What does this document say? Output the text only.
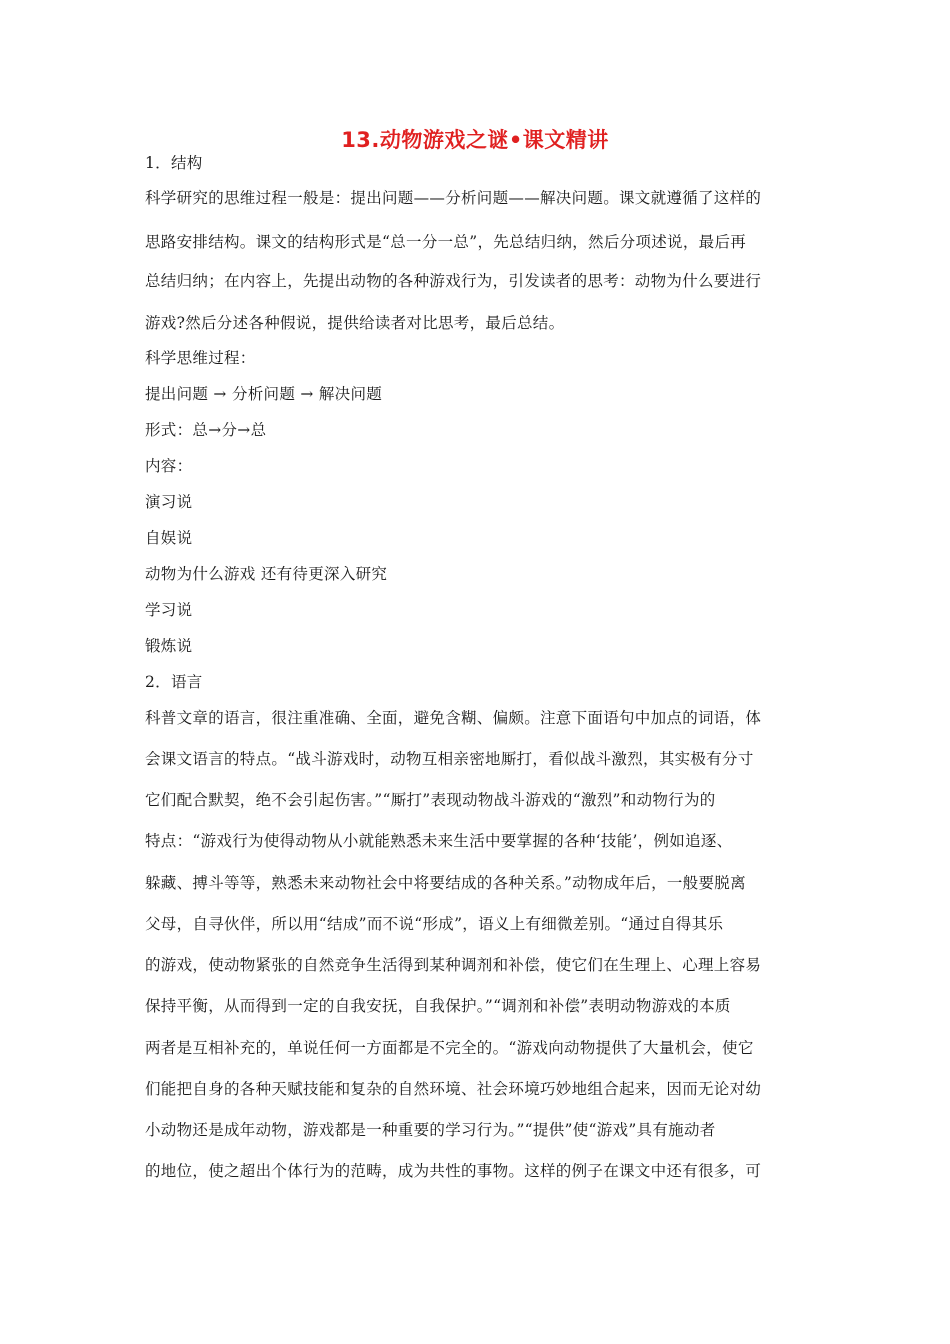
13.动物游戏之谜•课文精讲
1．结构
科学研究的思维过程一般是：提出问题——分析问题——解决问题。课文就遵循了这样的
思路安排结构。课文的结构形式是“总一分一总”，先总结归纳，然后分项述说，最后再
总结归纳；在内容上，先提出动物的各种游戏行为，引发读者的思考：动物为什么要进行
游戏?然后分述各种假说，提供给读者对比思考，最后总结。
科学思维过程：
提出问题 → 分析问题 → 解决问题
形式：总→分→总
内容：
演习说
自娱说
动物为什么游戏 还有待更深入研究
学习说
锻炼说
2．语言
科普文章的语言，很注重准确、全面，避免含糊、偏颇。注意下面语句中加点的词语，体
会课文语言的特点。“战斗游戏时，动物互相亲密地厮打，看似战斗激烈，其实极有分寸
它们配合默契，绝不会引起伤害。”“厮打”表现动物战斗游戏的“激烈”和动物行为的
特点：“游戏行为使得动物从小就能熟悉未来生活中要掌握的各种‘技能’，例如追逐、
躲藏、搏斗等等，熟悉未来动物社会中将要结成的各种关系。”动物成年后，一般要脱离
父母，自寻伙伴，所以用“结成”而不说“形成”，语义上有细微差别。“通过自得其乐
的游戏，使动物紧张的自然竞争生活得到某种调剂和补偿，使它们在生理上、心理上容易
保持平衡，从而得到一定的自我安抚，自我保护。”“调剂和补偿”表明动物游戏的本质
两者是互相补充的，单说任何一方面都是不完全的。“游戏向动物提供了大量机会，使它
们能把自身的各种天赋技能和复杂的自然环境、社会环境巧妙地组合起来，因而无论对幼
小动物还是成年动物，游戏都是一种重要的学习行为。”“提供”使“游戏”具有施动者
的地位，使之超出个体行为的范畴，成为共性的事物。这样的例子在课文中还有很多，可
